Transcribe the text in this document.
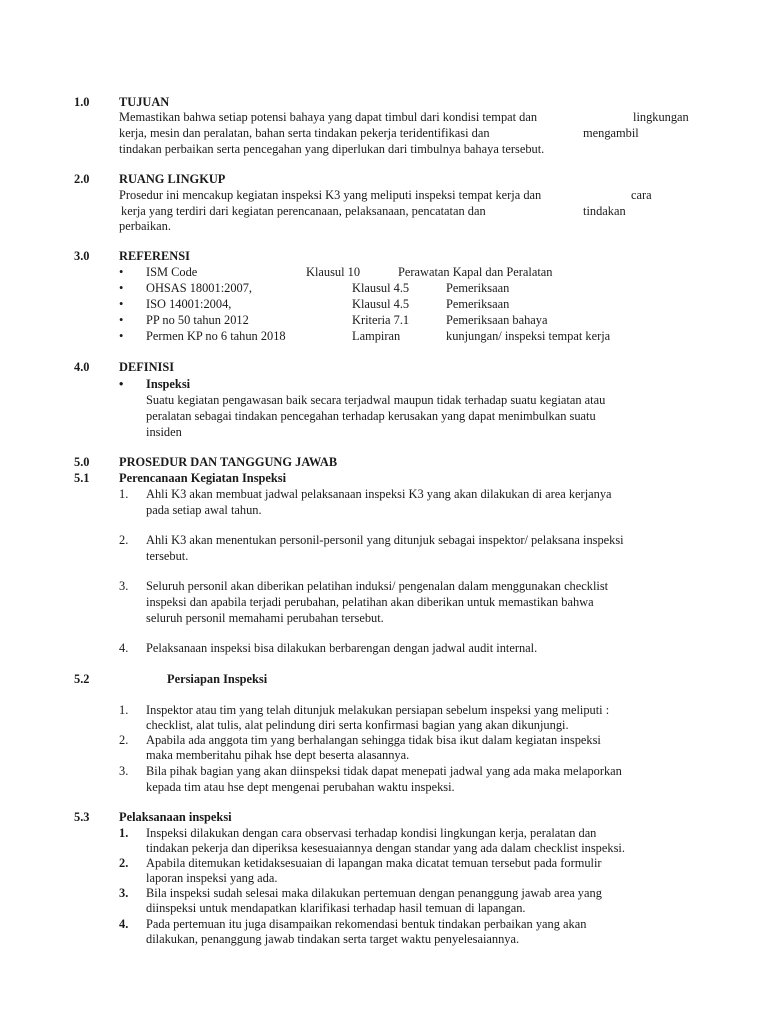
1.0 TUJUAN
Memastikan bahwa setiap potensi bahaya yang dapat timbul dari kondisi tempat dan	lingkungan
kerja, mesin dan peralatan, bahan serta tindakan pekerja teridentifikasi dan	mengambil
tindakan perbaikan serta pencegahan yang diperlukan dari timbulnya bahaya tersebut.
2.0 RUANG LINGKUP
Prosedur ini mencakup kegiatan inspeksi K3 yang meliputi inspeksi tempat kerja dan	cara
kerja yang terdiri dari kegiatan perencanaan, pelaksanaan, pencatatan dan	tindakan
perbaikan.
3.0 REFERENSI
• ISM Code	Klausul 10	Perawatan Kapal dan Peralatan
• OHSAS 18001:2007,	Klausul 4.5	Pemeriksaan
• ISO 14001:2004,	Klausul 4.5	Pemeriksaan
• PP no 50 tahun 2012	Kriteria 7.1	Pemeriksaan bahaya
• Permen KP no 6 tahun 2018	Lampiran	kunjungan/ inspeksi tempat kerja
4.0 DEFINISI
• Inspeksi
Suatu kegiatan pengawasan baik secara terjadwal maupun tidak terhadap suatu kegiatan atau
peralatan sebagai tindakan pencegahan terhadap kerusakan yang dapat menimbulkan suatu
insiden
5.0 PROSEDUR DAN TANGGUNG JAWAB
5.1 Perencanaan Kegiatan Inspeksi
1. Ahli K3 akan membuat jadwal pelaksanaan inspeksi K3 yang akan dilakukan di area kerjanya
pada setiap awal tahun.
2. Ahli K3 akan menentukan personil-personil yang ditunjuk sebagai inspektor/ pelaksana inspeksi
tersebut.
3. Seluruh personil akan diberikan pelatihan induksi/ pengenalan dalam menggunakan checklist
inspeksi dan apabila terjadi perubahan, pelatihan akan diberikan untuk memastikan bahwa
seluruh personil memahami perubahan tersebut.
4. Pelaksanaan inspeksi bisa dilakukan berbarengan dengan jadwal audit internal.
5.2	Persiapan Inspeksi
1. Inspektor atau tim yang telah ditunjuk melakukan persiapan sebelum inspeksi yang meliputi :
checklist, alat tulis, alat pelindung diri serta konfirmasi bagian yang akan dikunjungi.
2. Apabila ada anggota tim yang berhalangan sehingga tidak bisa ikut dalam kegiatan inspeksi
maka memberitahu pihak hse dept beserta alasannya.
3. Bila pihak bagian yang akan diinspeksi tidak dapat menepati jadwal yang ada maka melaporkan
kepada tim atau hse dept mengenai perubahan waktu inspeksi.
5.3 Pelaksanaan inspeksi
1. Inspeksi dilakukan dengan cara observasi terhadap kondisi lingkungan kerja, peralatan dan
tindakan pekerja dan diperiksa kesesuaiannya dengan standar yang ada dalam checklist inspeksi.
2. Apabila ditemukan ketidaksesuaian di lapangan maka dicatat temuan tersebut pada formulir
laporan inspeksi yang ada.
3. Bila inspeksi sudah selesai maka dilakukan pertemuan dengan penanggung jawab area yang
diinspeksi untuk mendapatkan klarifikasi terhadap hasil temuan di lapangan.
4. Pada pertemuan itu juga disampaikan rekomendasi bentuk tindakan perbaikan yang akan
dilakukan, penanggung jawab tindakan serta target waktu penyelesaiannya.
